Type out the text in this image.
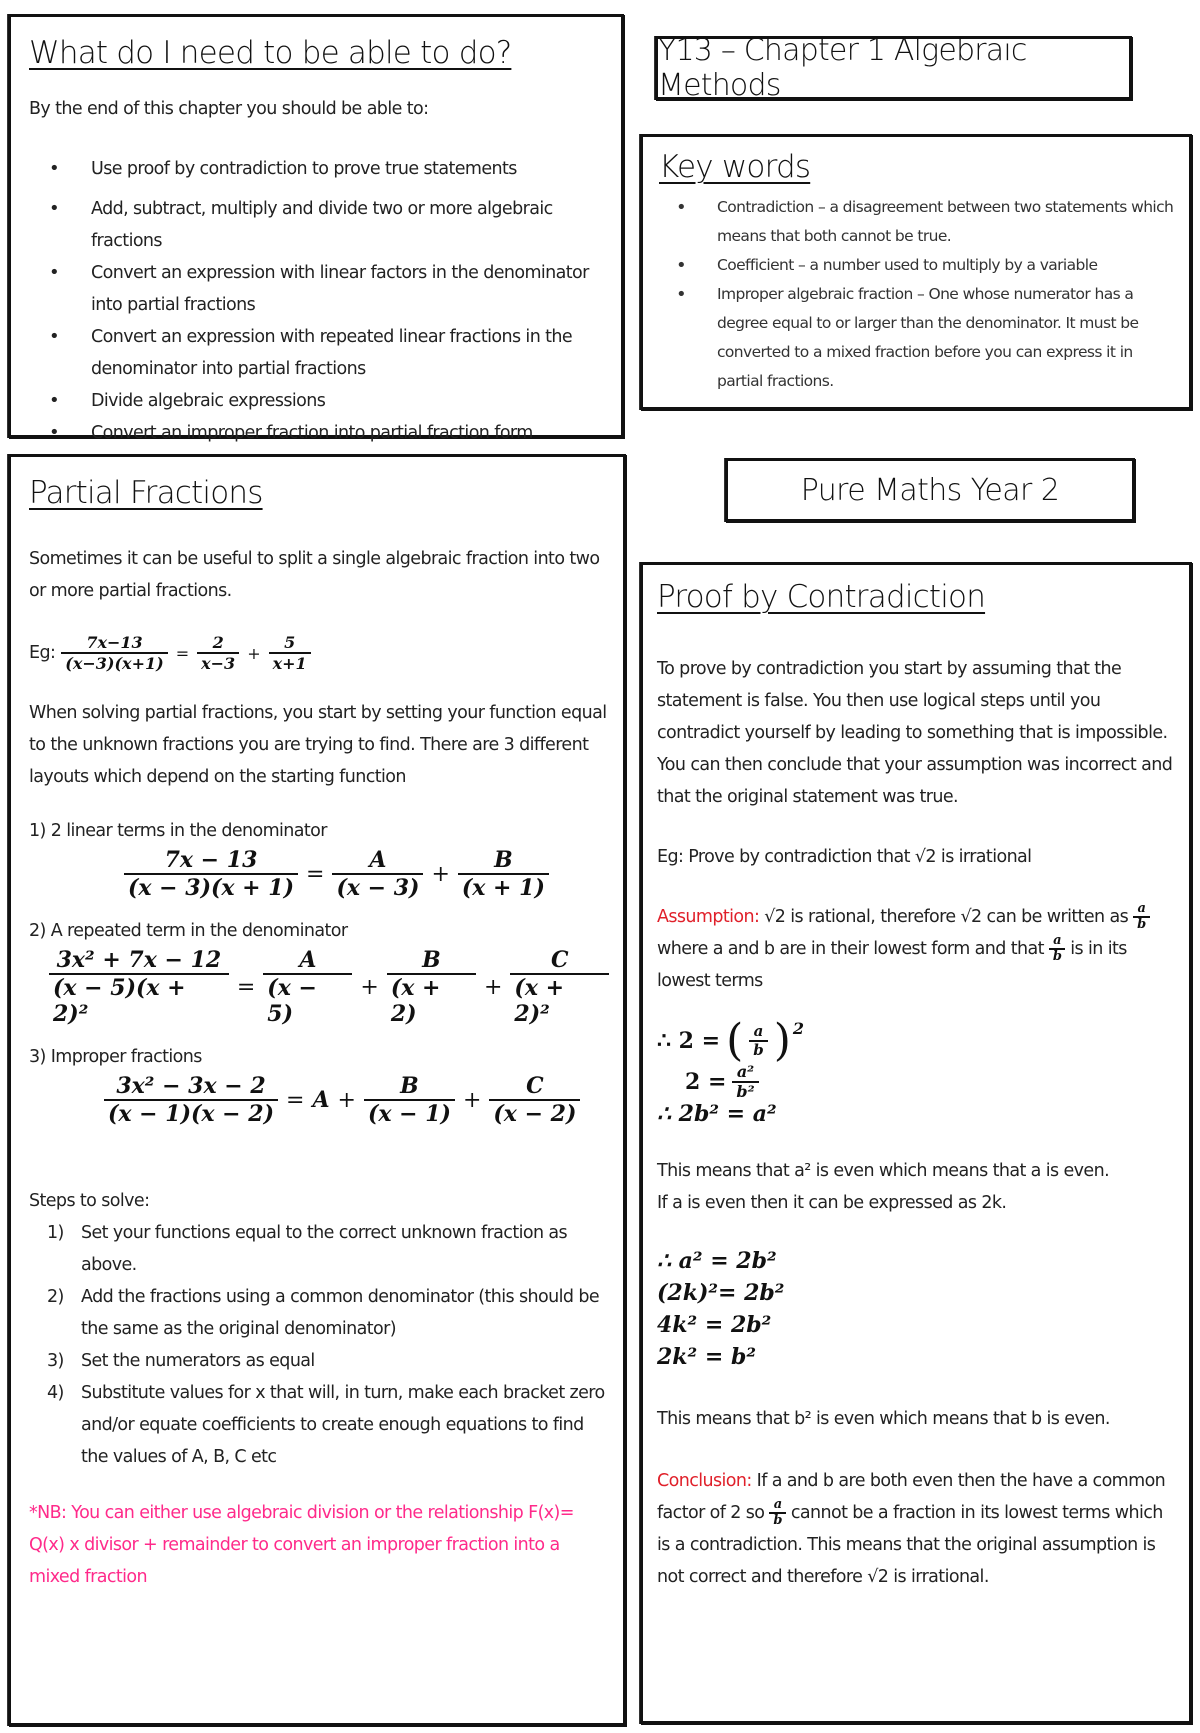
What do I need to be able to do?
By the end of this chapter you should be able to:
• Use proof by contradiction to prove true statements
• Add, subtract, multiply and divide two or more algebraic fractions
• Convert an expression with linear factors in the denominator into partial fractions
• Convert an expression with repeated linear fractions in the denominator into partial fractions
• Divide algebraic expressions
• Convert an improper fraction into partial fraction form
Y13 – Chapter 1 Algebraic Methods
Key words
• Contradiction – a disagreement between two statements which means that both cannot be true.
• Coefficient – a number used to multiply by a variable
• Improper algebraic fraction – One whose numerator has a degree equal to or larger than the denominator. It must be converted to a mixed fraction before you can express it in partial fractions.
Pure Maths Year 2
Partial Fractions
Sometimes it can be useful to split a single algebraic fraction into two or more partial fractions.
Eg: $\frac{7x-13}{(x-3)(x+1)} = \frac{2}{x-3} + \frac{5}{x+1}$
When solving partial fractions, you start by setting your function equal to the unknown fractions you are trying to find. There are 3 different layouts which depend on the starting function
1) 2 linear terms in the denominator
$\frac{7x - 13}{(x - 3)(x + 1)} = \frac{A}{(x - 3)} + \frac{B}{(x + 1)}$
2) A repeated term in the denominator
$\frac{\text{3x² + 7x − 12}}{\text{(x − 5)(x + 2)²}} = \frac{A}{(x - 5)} + \frac{B}{(x + 2)} + \frac{C}{\text{(x + 2)²}}$
3) Improper fractions
$\frac{\text{3x² − 3x − 2}}{(x - 1)(x - 2)} = A + \frac{B}{(x - 1)} + \frac{C}{(x - 2)}$
Steps to solve:
1) Set your functions equal to the correct unknown fraction as above.
2) Add the fractions using a common denominator (this should be the same as the original denominator)
3) Set the numerators as equal
4) Substitute values for x that will, in turn, make each bracket zero and/or equate coefficients to create enough equations to find the values of A, B, C etc
*NB: You can either use algebraic division or the relationship F(x)= Q(x) x divisor + remainder to convert an improper fraction into a mixed fraction
Proof by Contradiction
To prove by contradiction you start by assuming that the statement is false. You then use logical steps until you contradict yourself by leading to something that is impossible. You can then conclude that your assumption was incorrect and that the original statement was true.
Eg: Prove by contradiction that √2 is irrational
Assumption: √2 is rational, therefore √2 can be written as $\frac{a}{b}$
where a and b are in their lowest form and that $\frac{a}{b}$ is in its lowest terms
∴ 2 = ( $\frac{a}{b} )^2$
$2 = \frac{\text{a²}}{\text{b²}}$
∴ 2b² = a²
This means that a² is even which means that a is even.
If a is even then it can be expressed as 2k.
∴ a² = 2b²
(2k)²= 2b²
4k² = 2b²
2k² = b²
This means that b² is even which means that b is even.
Conclusion: If a and b are both even then the have a common factor of 2 so $\frac{a}{b}$ cannot be a fraction in its lowest terms which is a contradiction. This means that the original assumption is not correct and therefore √2 is irrational.
